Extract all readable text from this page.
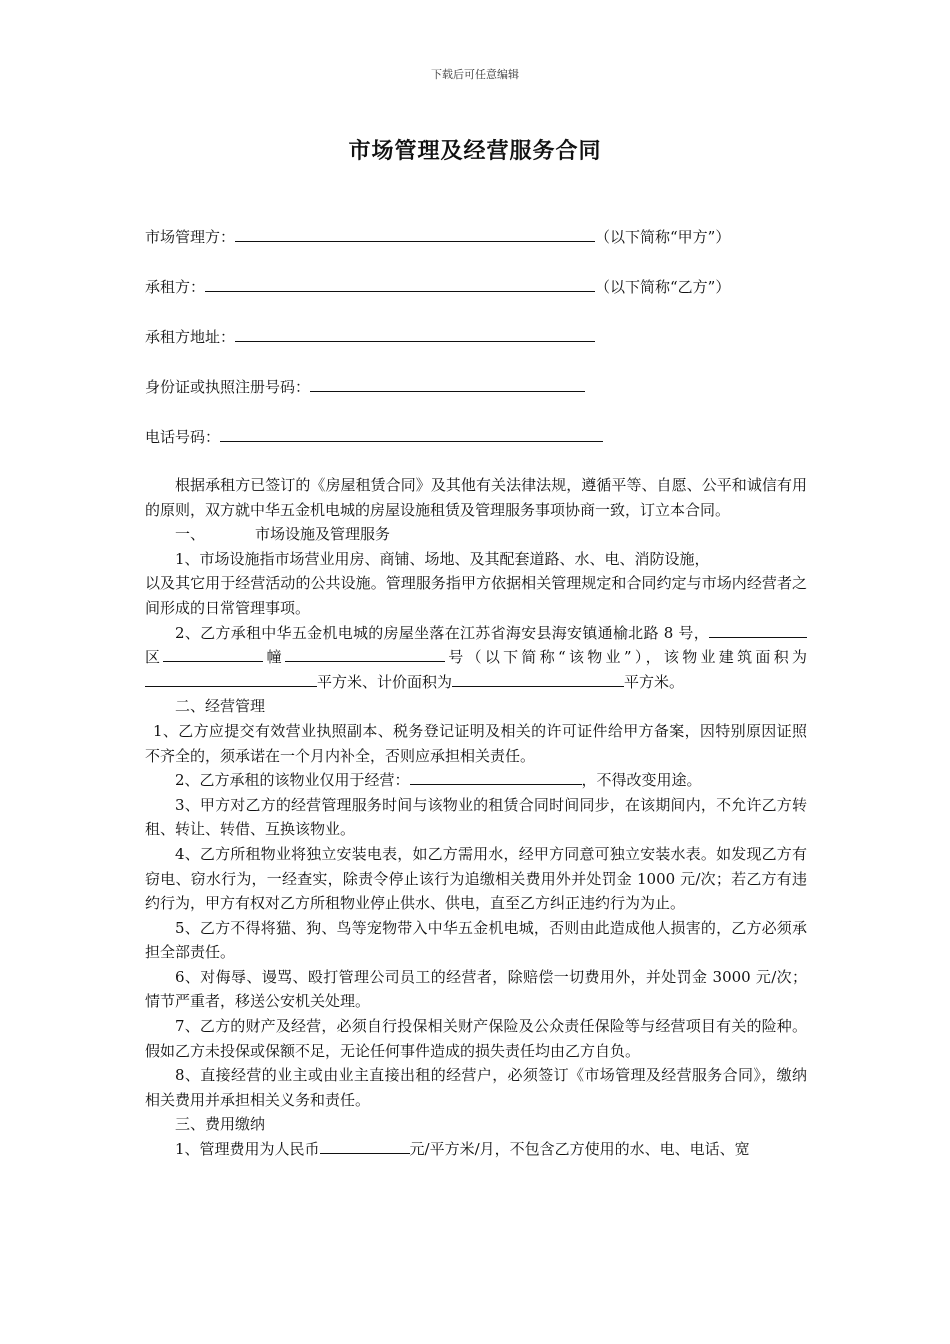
下载后可任意编辑
市场管理及经营服务合同
市场管理方：	（以下简称“甲方”）
承租方：	（以下简称“乙方”）
承租方地址：
身份证或执照注册号码：
电话号码：

根据承租方已签订的《房屋租赁合同》及其他有关法律法规，遵循平等、自愿、公平和诚信有用的原则，双方就中华五金机电城的房屋设施租赁及管理服务事项协商一致，订立本合同。

一、	市场设施及管理服务

1、市场设施指市场营业用房、商铺、场地、及其配套道路、水、电、消防设施，

以及其它用于经营活动的公共设施。管理服务指甲方依据相关管理规定和合同约定与市场内经营者之间形成的日常管理事项。

2、乙方承租中华五金机电城的房屋坐落在江苏省海安县海安镇通榆北路 8 号，区	幢	号（以下简称“该物业”），该物业建筑面积为平方米、计价面积为	平方米。

二、经营管理

1、乙方应提交有效营业执照副本、税务登记证明及相关的许可证件给甲方备案，因特别原因证照不齐全的，须承诺在一个月内补全，否则应承担相关责任。

2、乙方承租的该物业仅用于经营：	，不得改变用途。

3、甲方对乙方的经营管理服务时间与该物业的租赁合同时间同步，在该期间内，不允许乙方转租、转让、转借、互换该物业。

4、乙方所租物业将独立安装电表，如乙方需用水，经甲方同意可独立安装水表。如发现乙方有窃电、窃水行为，一经查实，除责令停止该行为追缴相关费用外并处罚金 1000 元/次；若乙方有违约行为，甲方有权对乙方所租物业停止供水、供电，直至乙方纠正违约行为为止。

5、乙方不得将猫、狗、鸟等宠物带入中华五金机电城，否则由此造成他人损害的，乙方必须承担全部责任。

6、对侮辱、谩骂、殴打管理公司员工的经营者，除赔偿一切费用外，并处罚金 3000 元/次；情节严重者，移送公安机关处理。

7、乙方的财产及经营，必须自行投保相关财产保险及公众责任保险等与经营项目有关的险种。假如乙方未投保或保额不足，无论任何事件造成的损失责任均由乙方自负。

8、直接经营的业主或由业主直接出租的经营户，必须签订《市场管理及经营服务合同》，缴纳相关费用并承担相关义务和责任。

三、费用缴纳

1、管理费用为人民币	元/平方米/月，不包含乙方使用的水、电、电话、宽
